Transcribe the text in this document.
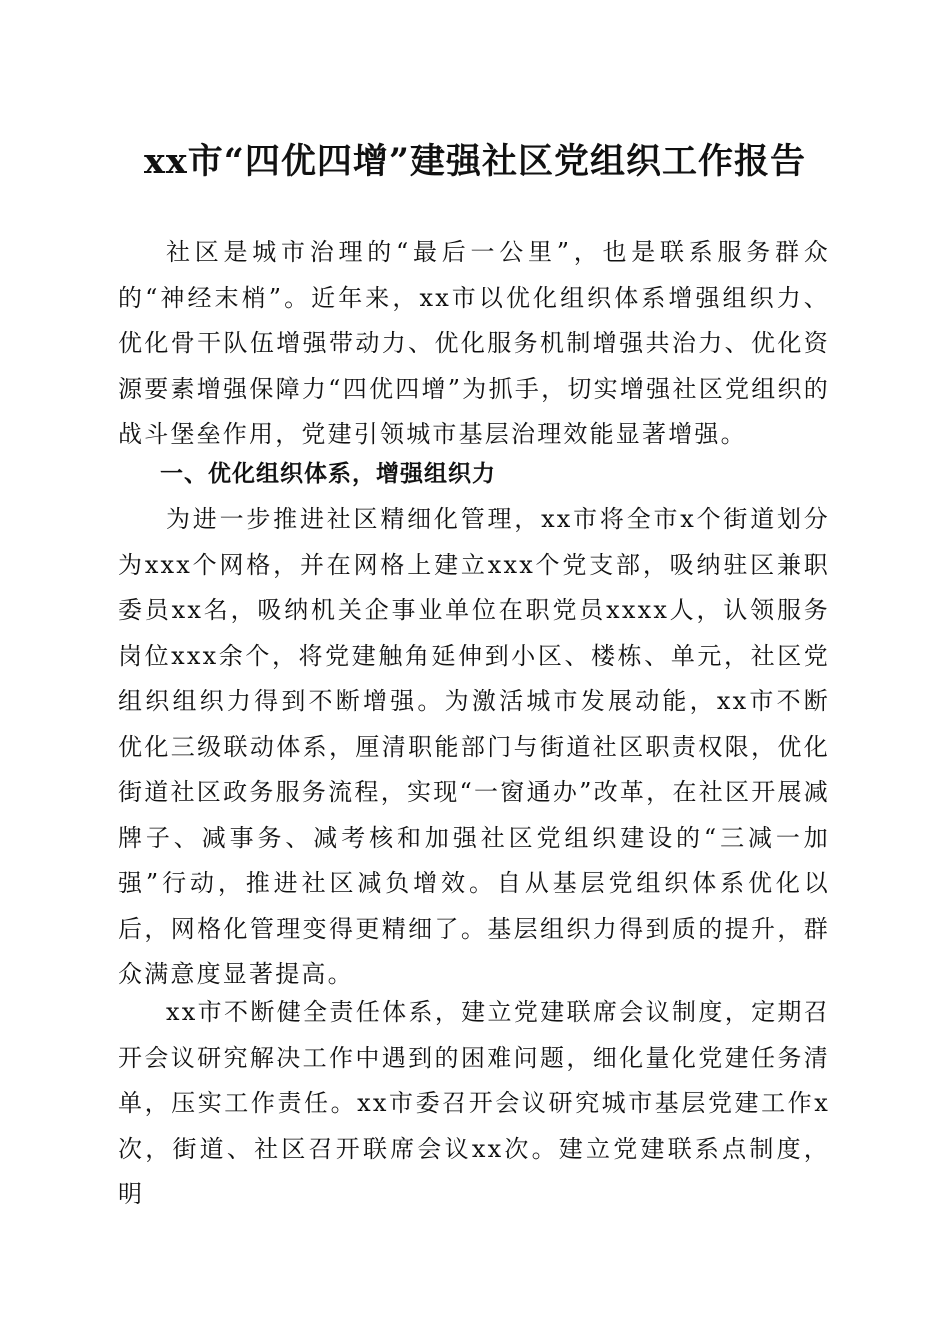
xx市“四优四增”建强社区党组织工作报告

社区是城市治理的“最后一公里”，也是联系服务群众的“神经末梢”。近年来，xx市以优化组织体系增强组织力、优化骨干队伍增强带动力、优化服务机制增强共治力、优化资源要素增强保障力“四优四增”为抓手，切实增强社区党组织的战斗堡垒作用，党建引领城市基层治理效能显著增强。

一、优化组织体系，增强组织力

为进一步推进社区精细化管理，xx市将全市x个街道划分为xxx个网格，并在网格上建立xxx个党支部，吸纳驻区兼职委员xx名，吸纳机关企事业单位在职党员xxxx人，认领服务岗位xxx余个，将党建触角延伸到小区、楼栋、单元，社区党组织组织力得到不断增强。为激活城市发展动能，xx市不断优化三级联动体系，厘清职能部门与街道社区职责权限，优化街道社区政务服务流程，实现“一窗通办”改革，在社区开展减牌子、减事务、减考核和加强社区党组织建设的“三减一加强”行动，推进社区减负增效。自从基层党组织体系优化以后，网格化管理变得更精细了。基层组织力得到质的提升，群众满意度显著提高。

xx市不断健全责任体系，建立党建联席会议制度，定期召开会议研究解决工作中遇到的困难问题，细化量化党建任务清单，压实工作责任。xx市委召开会议研究城市基层党建工作x次，街道、社区召开联席会议xx次。建立党建联系点制度，明
